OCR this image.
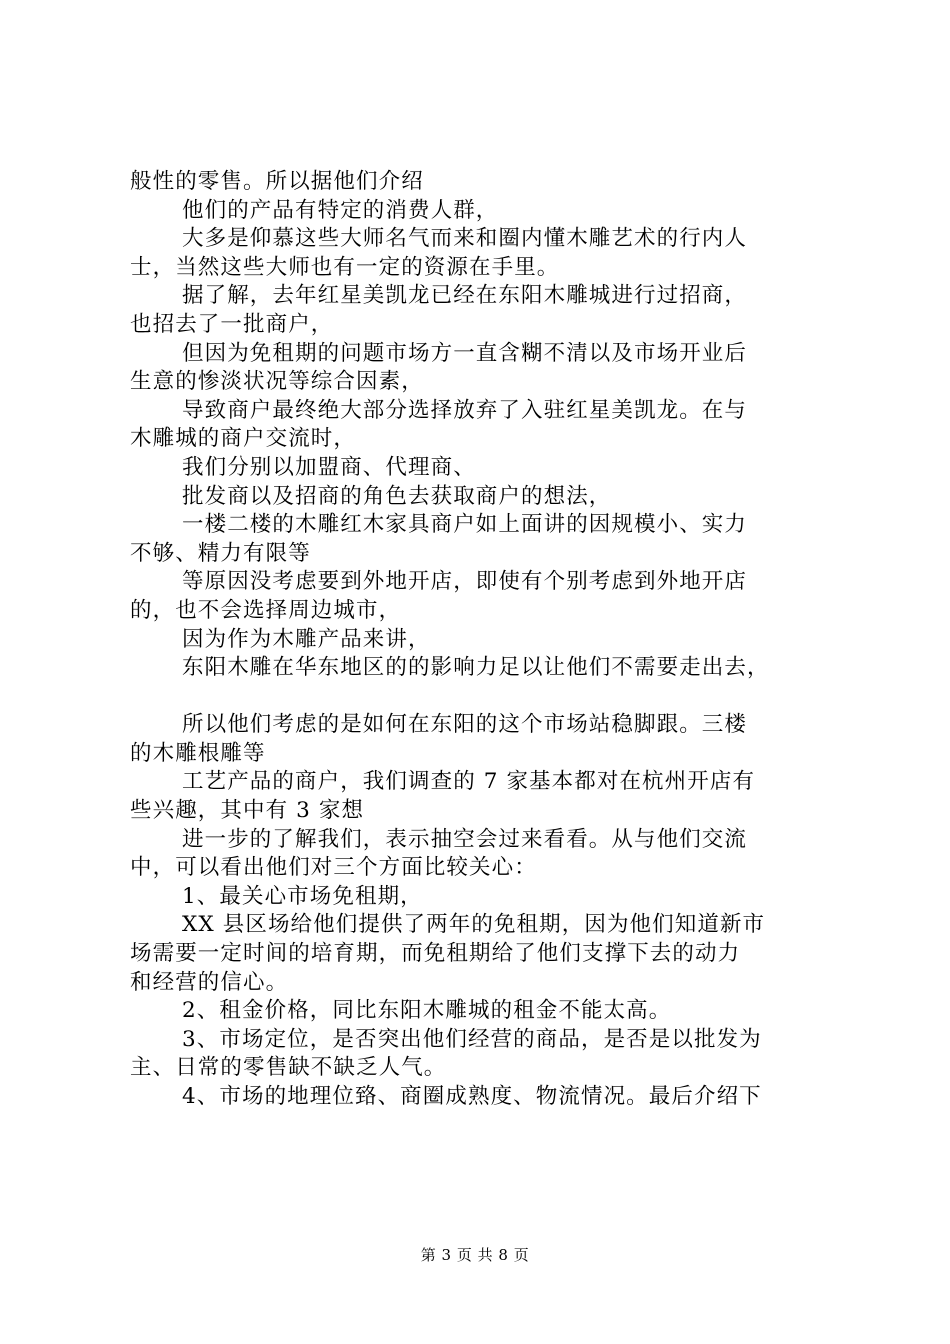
般性的零售。所以据他们介绍
他们的产品有特定的消费人群，
大多是仰慕这些大师名气而来和圈内懂木雕艺术的行内人
士，当然这些大师也有一定的资源在手里。
据了解，去年红星美凯龙已经在东阳木雕城进行过招商，
也招去了一批商户，
但因为免租期的问题市场方一直含糊不清以及市场开业后
生意的惨淡状况等综合因素，
导致商户最终绝大部分选择放弃了入驻红星美凯龙。在与
木雕城的商户交流时，
我们分别以加盟商、代理商、
批发商以及招商的角色去获取商户的想法，
一楼二楼的木雕红木家具商户如上面讲的因规模小、实力
不够、精力有限等
等原因没考虑要到外地开店，即使有个别考虑到外地开店
的，也不会选择周边城市，
因为作为木雕产品来讲，
东阳木雕在华东地区的的影响力足以让他们不需要走出去，
所以他们考虑的是如何在东阳的这个市场站稳脚跟。三楼
的木雕根雕等
工艺产品的商户，我们调查的 7 家基本都对在杭州开店有
些兴趣，其中有 3 家想
进一步的了解我们，表示抽空会过来看看。从与他们交流
中，可以看出他们对三个方面比较关心：
1、最关心市场免租期，
XX 县区场给他们提供了两年的免租期，因为他们知道新市
场需要一定时间的培育期，而免租期给了他们支撑下去的动力
和经营的信心。
2、租金价格，同比东阳木雕城的租金不能太高。
3、市场定位，是否突出他们经营的商品，是否是以批发为
主、日常的零售缺不缺乏人气。
4、市场的地理位臵、商圈成熟度、物流情况。最后介绍下
第 3 页 共 8 页
